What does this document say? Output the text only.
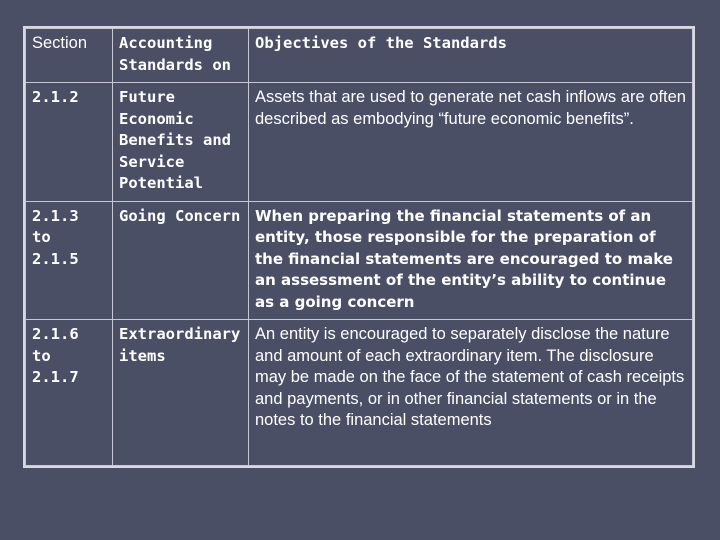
Section	Accounting Standards on	Objectives of the Standards
2.1.2	Future Economic Benefits and Service Potential	Assets that are used to generate net cash inflows are often described as embodying “future economic benefits”.
2.1.3 to 2.1.5	Going Concern	When preparing the financial statements of an entity, those responsible for the preparation of the financial statements are encouraged to make an assessment of the entity’s ability to continue as a going concern
2.1.6 to 2.1.7	Extraordinary items	An entity is encouraged to separately disclose the nature and amount of each extraordinary item. The disclosure may be made on the face of the statement of cash receipts and payments, or in other financial statements or in the notes to the financial statements
